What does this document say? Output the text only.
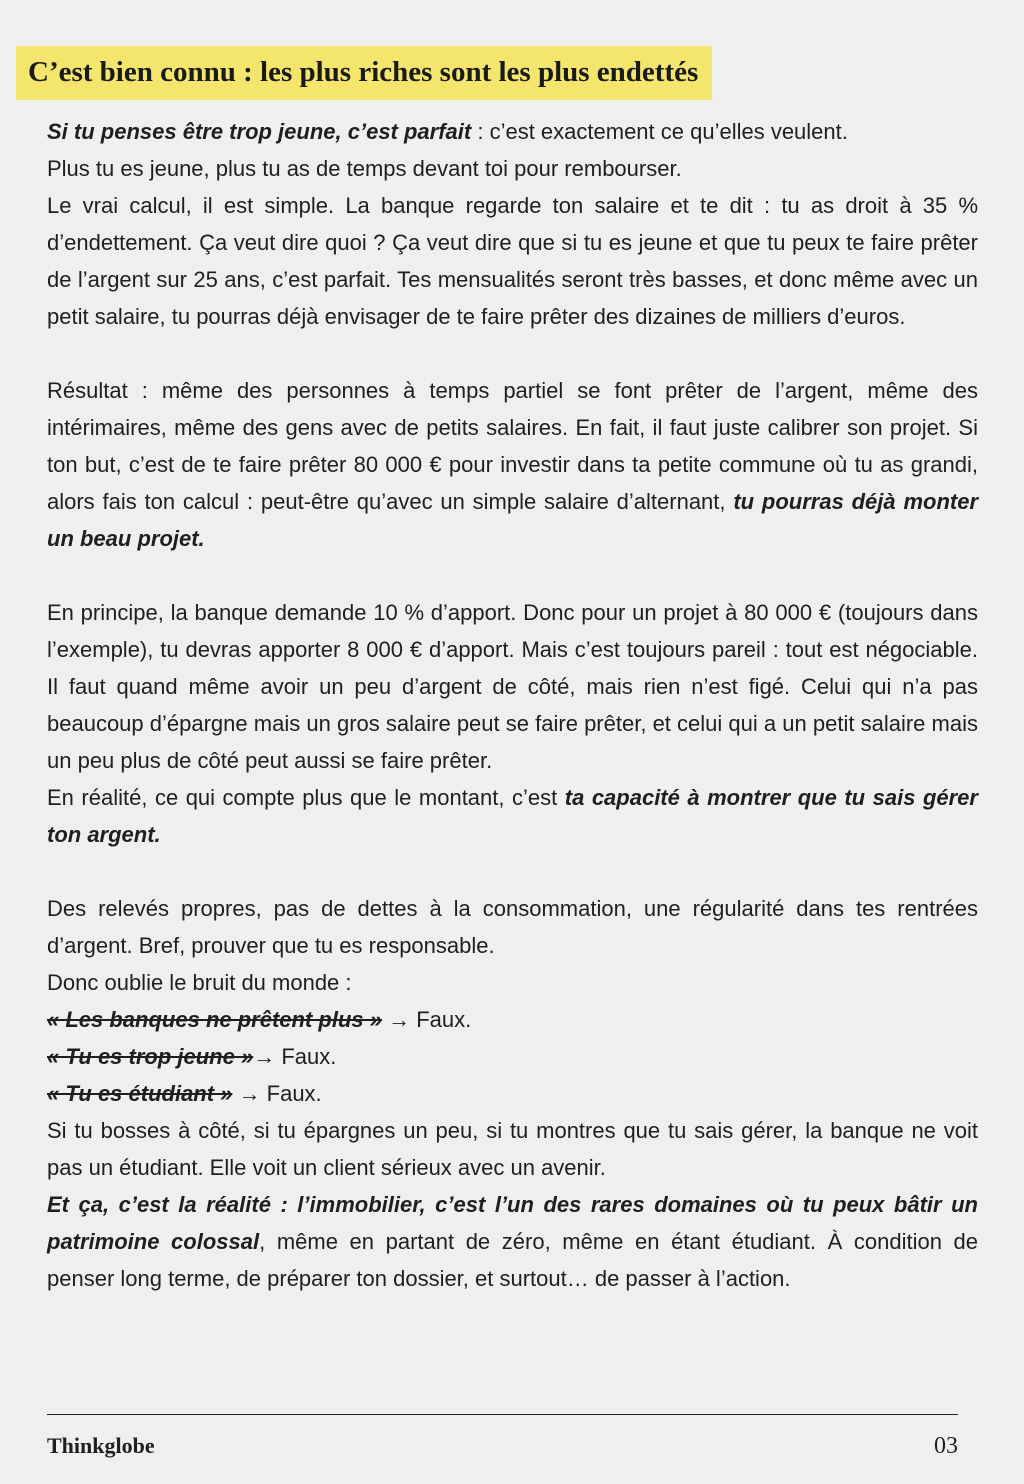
C’est bien connu : les plus riches sont les plus endettés
Si tu penses être trop jeune, c’est parfait : c’est exactement ce qu’elles veulent.
Plus tu es jeune, plus tu as de temps devant toi pour rembourser.
Le vrai calcul, il est simple. La banque regarde ton salaire et te dit : tu as droit à 35 % d’endettement. Ça veut dire quoi ? Ça veut dire que si tu es jeune et que tu peux te faire prêter de l’argent sur 25 ans, c’est parfait. Tes mensualités seront très basses, et donc même avec un petit salaire, tu pourras déjà envisager de te faire prêter des dizaines de milliers d’euros.
Résultat : même des personnes à temps partiel se font prêter de l’argent, même des intérimaires, même des gens avec de petits salaires. En fait, il faut juste calibrer son projet. Si ton but, c’est de te faire prêter 80 000 € pour investir dans ta petite commune où tu as grandi, alors fais ton calcul : peut-être qu’avec un simple salaire d’alternant, tu pourras déjà monter un beau projet.
En principe, la banque demande 10 % d’apport. Donc pour un projet à 80 000 € (toujours dans l’exemple), tu devras apporter 8 000 € d’apport. Mais c’est toujours pareil : tout est négociable. Il faut quand même avoir un peu d’argent de côté, mais rien n’est figé. Celui qui n’a pas beaucoup d’épargne mais un gros salaire peut se faire prêter, et celui qui a un petit salaire mais un peu plus de côté peut aussi se faire prêter.
En réalité, ce qui compte plus que le montant, c’est ta capacité à montrer que tu sais gérer ton argent.
Des relevés propres, pas de dettes à la consommation, une régularité dans tes rentrées d’argent. Bref, prouver que tu es responsable.
Donc oublie le bruit du monde :
« Les banques ne prêtent plus » → Faux.
« Tu es trop jeune »→ Faux.
« Tu es étudiant » → Faux.
Si tu bosses à côté, si tu épargnes un peu, si tu montres que tu sais gérer, la banque ne voit pas un étudiant. Elle voit un client sérieux avec un avenir.
Et ça, c’est la réalité : l’immobilier, c’est l’un des rares domaines où tu peux bâtir un patrimoine colossal, même en partant de zéro, même en étant étudiant. À condition de penser long terme, de préparer ton dossier, et surtout… de passer à l’action.
Thinkglobe	03
